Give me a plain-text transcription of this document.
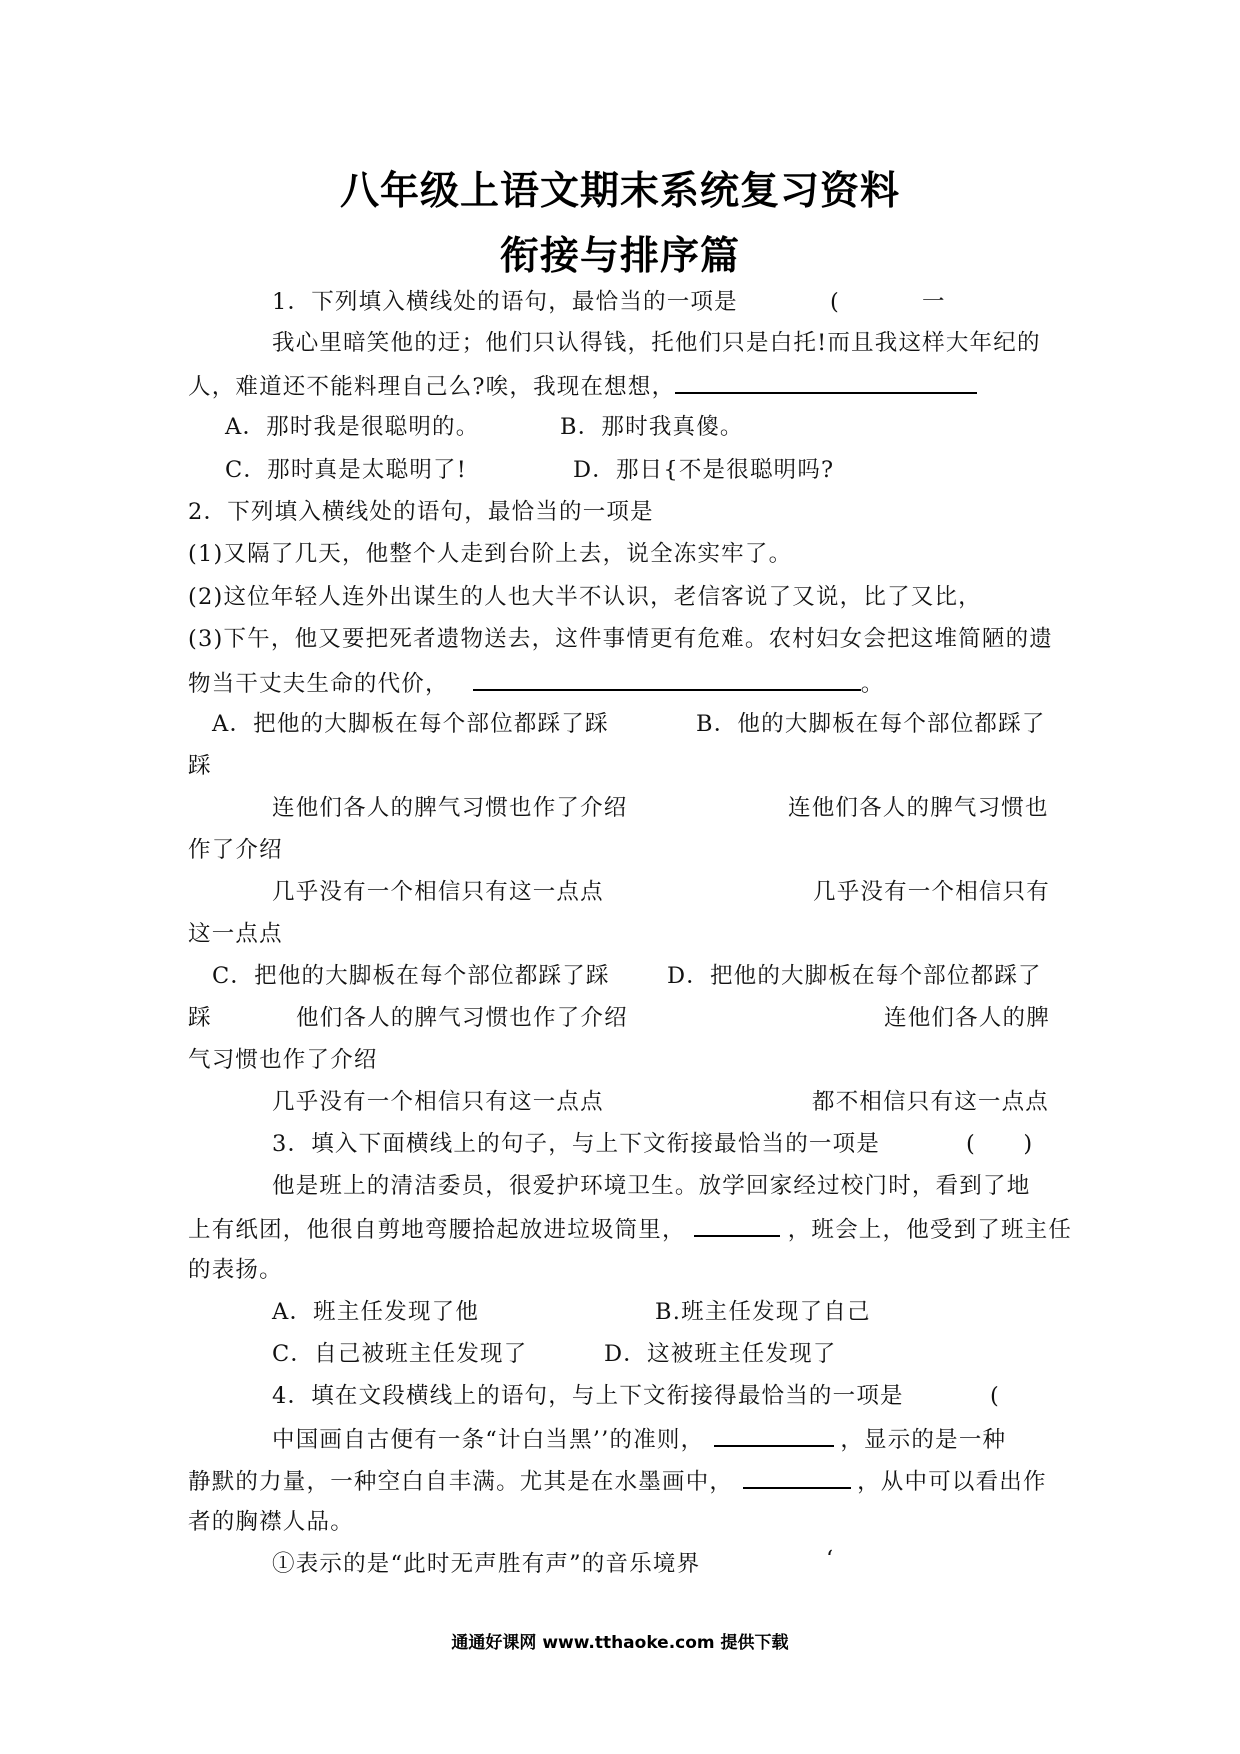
八年级上语文期末系统复习资料
衔接与排序篇
1．下列填入横线处的语句，最恰当的一项是	(	一
我心里暗笑他的迂；他们只认得钱，托他们只是白托!而且我这样大年纪的
人，难道还不能料理自己么?唉，我现在想想，
A．那时我是很聪明的。	B．那时我真傻。
C．那时真是太聪明了!	D．那日{不是很聪明吗?
2．下列填入横线处的语句，最恰当的一项是
(1)又隔了几天，他整个人走到台阶上去，说全冻实牢了。
(2)这位年轻人连外出谋生的人也大半不认识，老信客说了又说，比了又比，
(3)下午，他又要把死者遗物送去，这件事情更有危难。农村妇女会把这堆简陋的遗
物当干丈夫生命的代价，	。
A．把他的大脚板在每个部位都踩了踩	B．他的大脚板在每个部位都踩了
踩
连他们各人的脾气习惯也作了介绍	连他们各人的脾气习惯也
作了介绍
几乎没有一个相信只有这一点点	几乎没有一个相信只有
这一点点
C．把他的大脚板在每个部位都踩了踩	D．把他的大脚板在每个部位都踩了
踩	他们各人的脾气习惯也作了介绍	连他们各人的脾
气习惯也作了介绍
几乎没有一个相信只有这一点点	都不相信只有这一点点
3．填入下面横线上的句子，与上下文衔接最恰当的一项是	(　　)
他是班上的清洁委员，很爱护环境卫生。放学回家经过校门时，看到了地
上有纸团，他很自剪地弯腰拾起放进垃圾筒里，	，班会上，他受到了班主任
的表扬。
A．班主任发现了他	B.班主任发现了自己
C．自己被班主任发现了	D．这被班主任发现了
4．填在文段横线上的语句，与上下文衔接得最恰当的一项是	(
中国画自古便有一条“计白当黑’’的准则，	，显示的是一种
静默的力量，一种空白自丰满。尤其是在水墨画中，	，从中可以看出作
者的胸襟人品。
①表示的是“此时无声胜有声”的音乐境界	‘
通通好课网 www.tthaoke.com 提供下载
